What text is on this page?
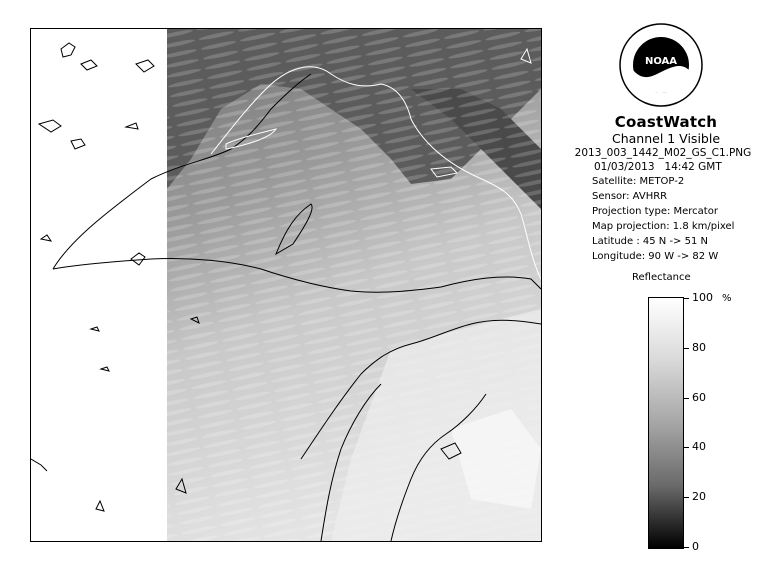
NOAA
CoastWatch
Channel 1 Visible
2013_003_1442_M02_GS_C1.PNG
01/03/2013 14:42 GMT
Satellite: METOP-2
Sensor: AVHRR
Projection type: Mercator
Map projection: 1.8 km/pixel
Latitude : 45 N -> 51 N
Longitude: 90 W -> 82 W
Reflectance
%
100
80
60
40
20
0
